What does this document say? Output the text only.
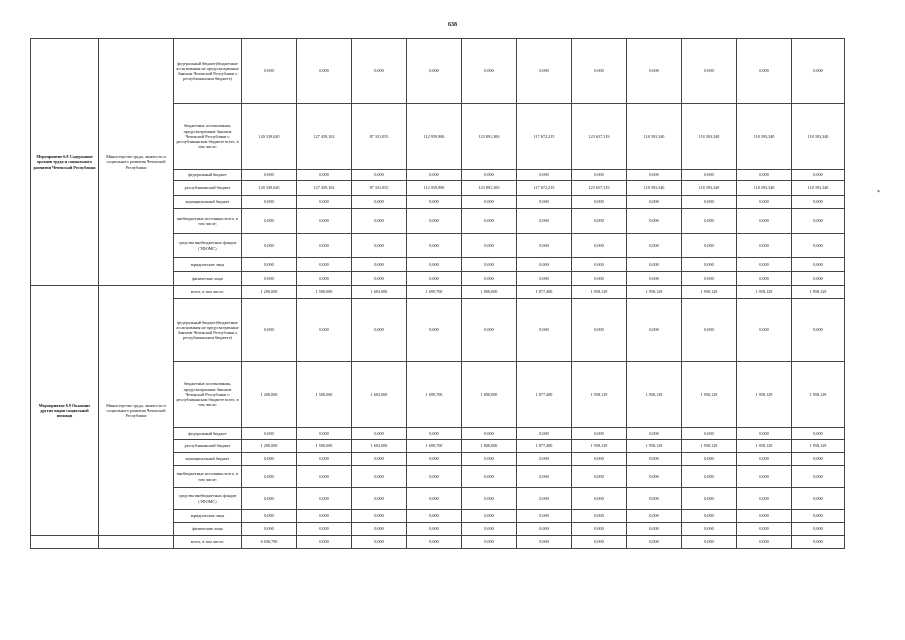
638
*
Мероприятие 6.8 Содержание органов труда и социального развития Чеченской Республики	Министерство труда, занятости и социального развития Чеченской Республики	федеральный бюджет(бюджетные ассигнования не предусмотренные Законом Чеченской Республики о республиканском бюджете)	0,000	0,000	0,000	0,000	0,000	0,000	0,000	0,000	0,000	0,000	0,000
		бюджетные ассигнования, предусмотренные Законом Чеченской Республики о республиканском бюджете всего, в том числе:	120 339,620	127 459,102	87 331,055	112 959,900	123 891,300	117 672,215	123 657,319	118 393,340	118 393,340	118 393,340	118 393,340
		федеральный бюджет	0,000	0,000	0,000	0,000	0,000	0,000	0,000	0,000	0,000	0,000	0,000
		республиканский бюджет	120 339,620	127 459,102	87 331,055	112 959,900	123 891,300	117 672,215	123 657,319	118 393,340	118 393,340	118 393,340	118 393,340
		муниципальный бюджет	0,000	0,000	0,000	0,000	0,000	0,000	0,000	0,000	0,000	0,000	0,000
		внебюджетные источники всего, в том числе:	0,000	0,000	0,000	0,000	0,000	0,000	0,000	0,000	0,000	0,000	0,000
		средства внебюджетных фондов (ТФОМС)	0,000	0,000	0,000	0,000	0,000	0,000	0,000	0,000	0,000	0,000	0,000
		юридические лица	0,000	0,000	0,000	0,000	0,000	0,000	0,000	0,000	0,000	0,000	0,000
		физические лица	0,000	0,000	0,000	0,000	0,000	0,000	0,000	0,000	0,000	0,000	0,000
Мероприятие 6.9 Оказание других видов социальной помощи	Министерство труда, занятости и социального развития Чеченской Республики	всего, в том числе:	1 200,000	1 500,000	1 603,000	1 699,700	1 800,000	1 877,400	1 958,129	1 958,129	1 958,129	1 958,129	1 958,129
		федеральный бюджет(бюджетные ассигнования не предусмотренные Законом Чеченской Республики о республиканском бюджете)	0,000	0,000	0,000	0,000	0,000	0,000	0,000	0,000	0,000	0,000	0,000
		бюджетные ассигнования, предусмотренные Законом Чеченской Республики о республиканском бюджете всего, в том числе:	1 200,000	1 500,000	1 603,000	1 699,700	1 800,000	1 877,400	1 958,129	1 958,129	1 958,129	1 958,129	1 958,129
		федеральный бюджет	0,000	0,000	0,000	0,000	0,000	0,000	0,000	0,000	0,000	0,000	0,000
		республиканский бюджет	1 200,000	1 500,000	1 603,000	1 699,700	1 800,000	1 877,400	1 958,129	1 958,129	1 958,129	1 958,129	1 958,129
		муниципальный бюджет	0,000	0,000	0,000	0,000	0,000	0,000	0,000	0,000	0,000	0,000	0,000
		внебюджетные источники всего, в том числе:	0,000	0,000	0,000	0,000	0,000	0,000	0,000	0,000	0,000	0,000	0,000
		средства внебюджетных фондов (ТФОМС)	0,000	0,000	0,000	0,000	0,000	0,000	0,000	0,000	0,000	0,000	0,000
		юридические лица	0,000	0,000	0,000	0,000	0,000	0,000	0,000	0,000	0,000	0,000	0,000
		физические лица	0,000	0,000	0,000	0,000	0,000	0,000	0,000	0,000	0,000	0,000	0,000
		всего, в том числе:	6 036,700	0,000	0,000	0,000	0,000	0,000	0,000	0,000	0,000	0,000	0,000
